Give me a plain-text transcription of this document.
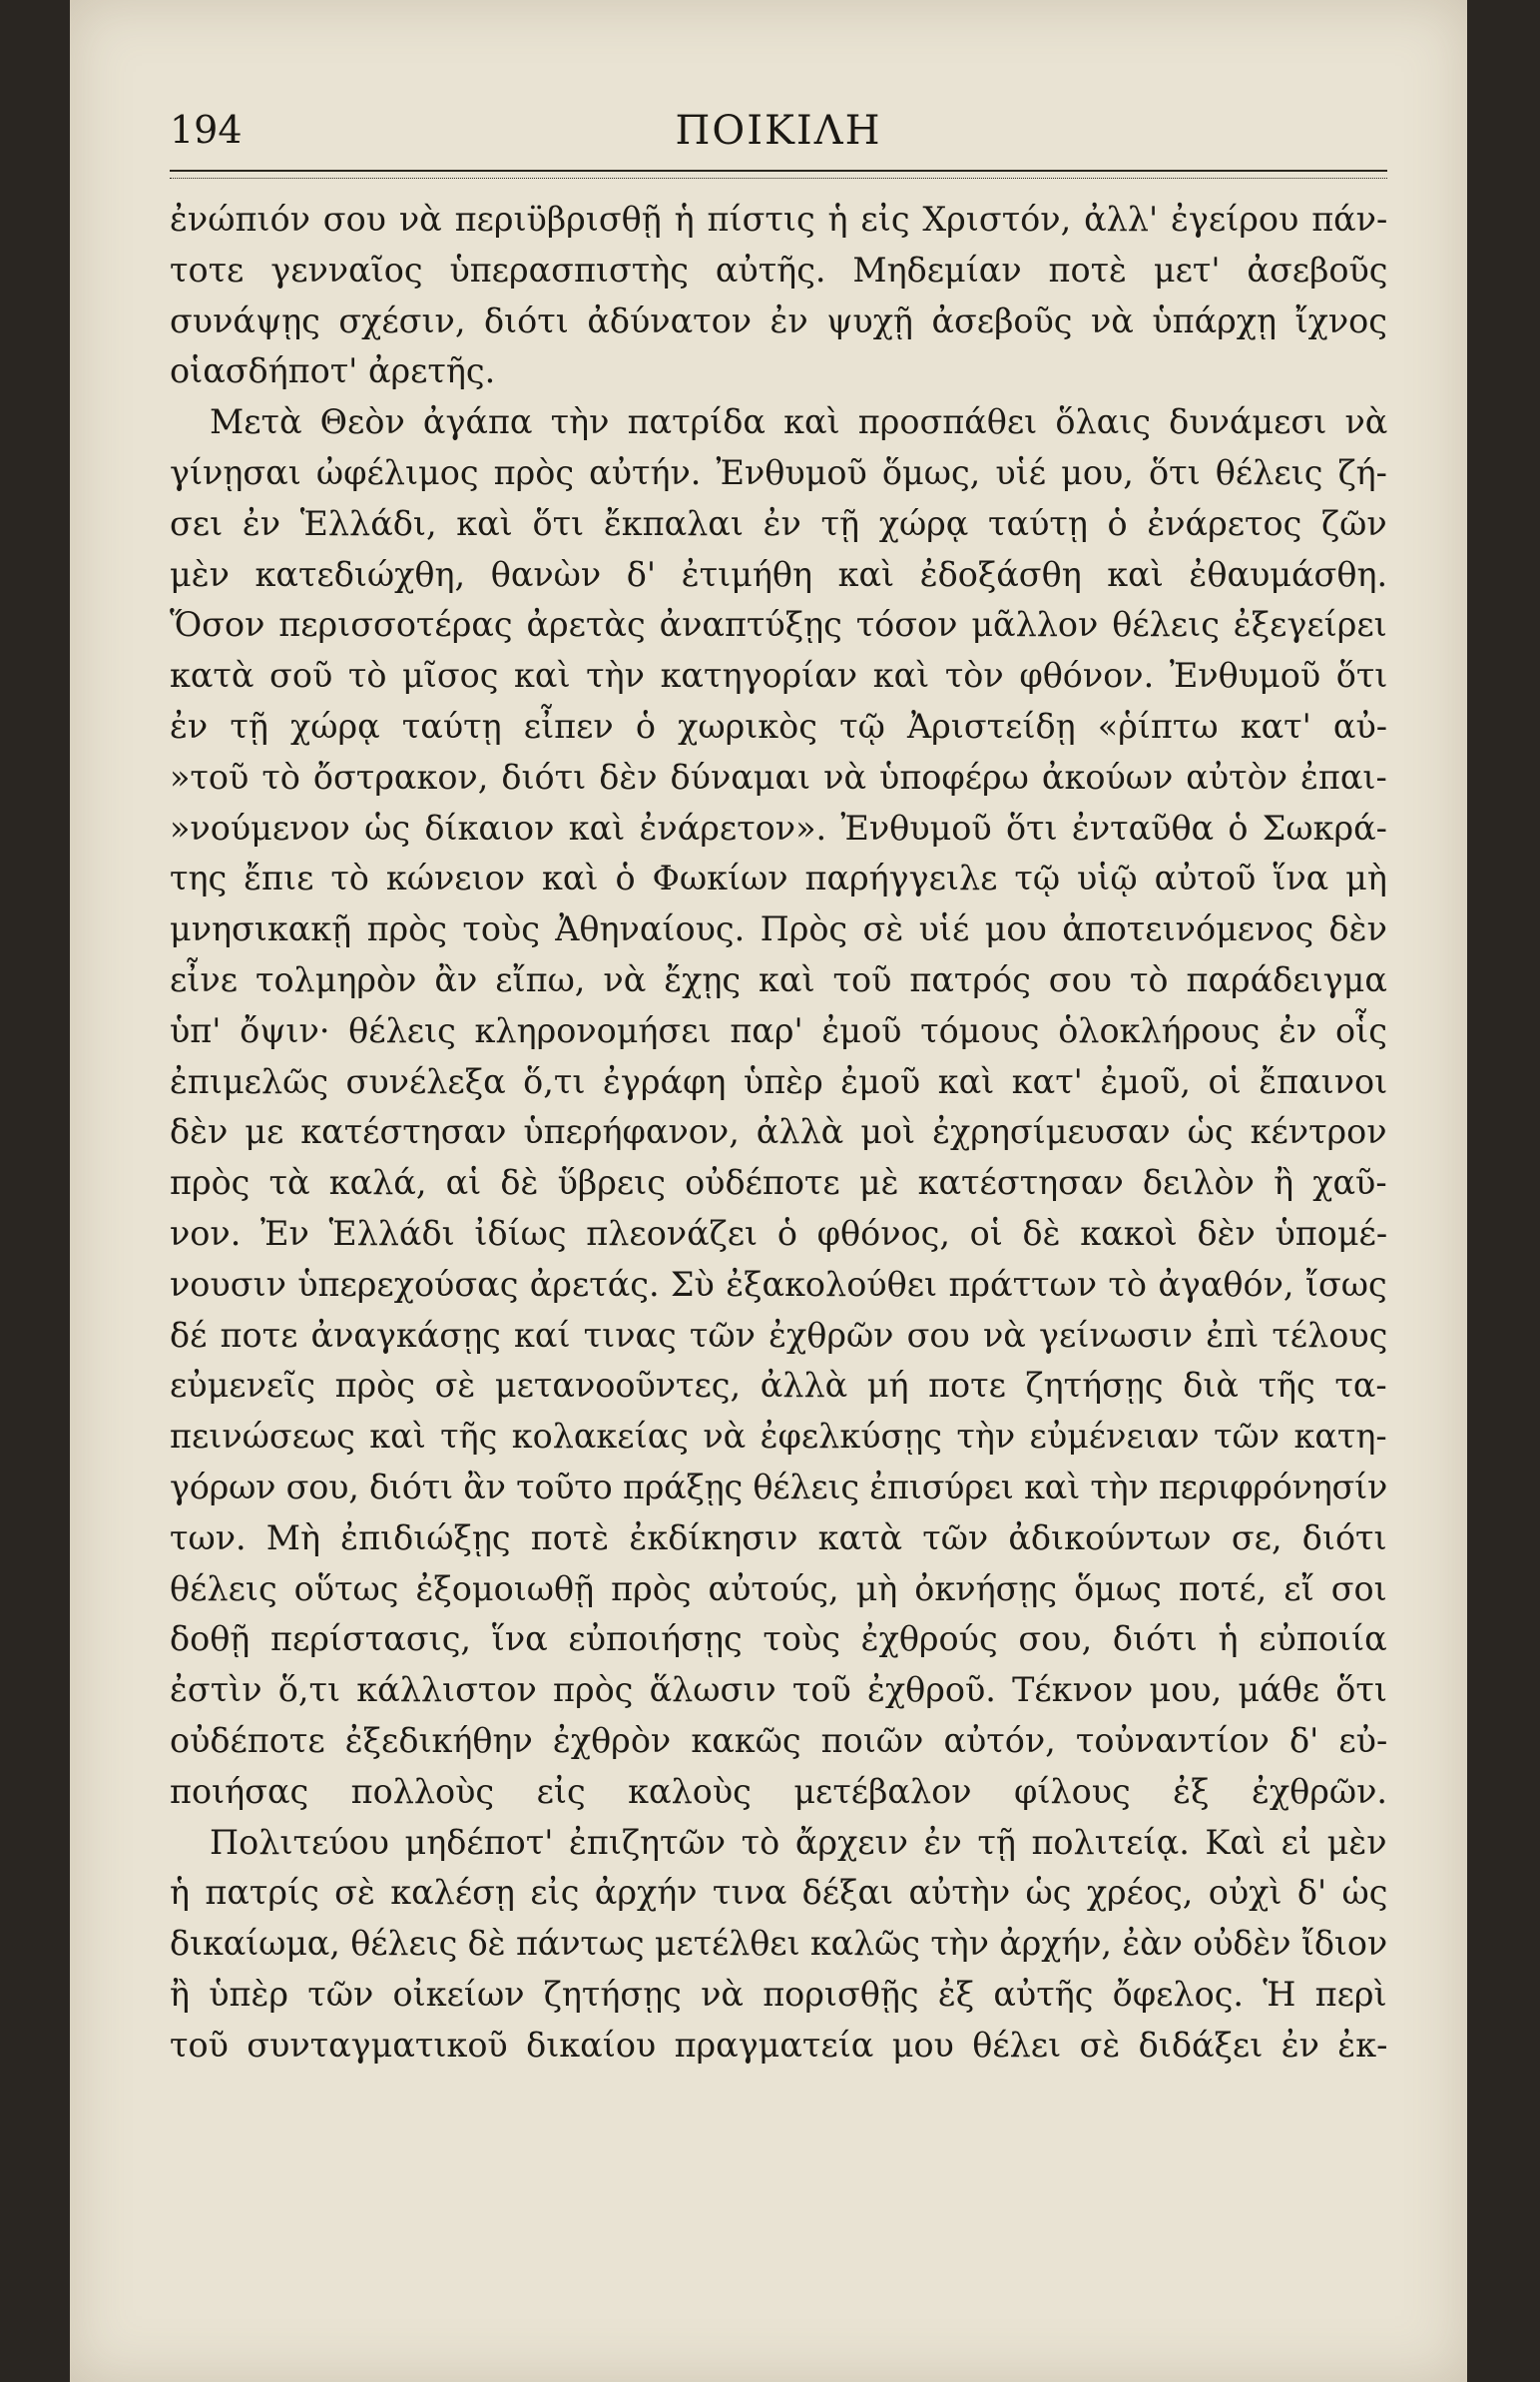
194	ΠΟΙΚΙΛΗ
ἐνώπιόν σου νὰ περιϋβρισθῇ ἡ πίστις ἡ εἰς Χριστόν, ἀλλ' ἐγείρου πάν-
τοτε γενναῖος ὑπερασπιστὴς αὐτῆς. Μηδεμίαν ποτὲ μετ' ἀσεβοῦς
συνάψῃς σχέσιν, διότι ἀδύνατον ἐν ψυχῇ ἀσεβοῦς νὰ ὑπάρχῃ ἴχνος
οἱασδήποτ' ἀρετῆς.
Μετὰ Θεὸν ἀγάπα τὴν πατρίδα καὶ προσπάθει ὅλαις δυνάμεσι νὰ
γίνῃσαι ὠφέλιμος πρὸς αὐτήν. Ἐνθυμοῦ ὅμως, υἱέ μου, ὅτι θέλεις ζή-
σει ἐν Ἑλλάδι, καὶ ὅτι ἔκπαλαι ἐν τῇ χώρᾳ ταύτῃ ὁ ἐνάρετος ζῶν
μὲν κατεδιώχθη, θανὼν δ' ἐτιμήθη καὶ ἐδοξάσθη καὶ ἐθαυμάσθη.
Ὅσον περισσοτέρας ἀρετὰς ἀναπτύξῃς τόσον μᾶλλον θέλεις ἐξεγείρει
κατὰ σοῦ τὸ μῖσος καὶ τὴν κατηγορίαν καὶ τὸν φθόνον. Ἐνθυμοῦ ὅτι
ἐν τῇ χώρᾳ ταύτῃ εἶπεν ὁ χωρικὸς τῷ Ἀριστείδῃ «ῥίπτω κατ' αὐ-
»τοῦ τὸ ὄστρακον, διότι δὲν δύναμαι νὰ ὑποφέρω ἀκούων αὐτὸν ἐπαι-
»νούμενον ὡς δίκαιον καὶ ἐνάρετον». Ἐνθυμοῦ ὅτι ἐνταῦθα ὁ Σωκρά-
της ἔπιε τὸ κώνειον καὶ ὁ Φωκίων παρήγγειλε τῷ υἱῷ αὐτοῦ ἵνα μὴ
μνησικακῇ πρὸς τοὺς Ἀθηναίους. Πρὸς σὲ υἱέ μου ἀποτεινόμενος δὲν
εἶνε τολμηρὸν ἂν εἴπω, νὰ ἔχῃς καὶ τοῦ πατρός σου τὸ παράδειγμα
ὑπ' ὄψιν· θέλεις κληρονομήσει παρ' ἐμοῦ τόμους ὁλοκλήρους ἐν οἷς
ἐπιμελῶς συνέλεξα ὅ,τι ἐγράφη ὑπὲρ ἐμοῦ καὶ κατ' ἐμοῦ, οἱ ἔπαινοι
δὲν με κατέστησαν ὑπερήφανον, ἀλλὰ μοὶ ἐχρησίμευσαν ὡς κέντρον
πρὸς τὰ καλά, αἱ δὲ ὕβρεις οὐδέποτε μὲ κατέστησαν δειλὸν ἢ χαῦ-
νον. Ἐν Ἑλλάδι ἰδίως πλεονάζει ὁ φθόνος, οἱ δὲ κακοὶ δὲν ὑπομέ-
νουσιν ὑπερεχούσας ἀρετάς. Σὺ ἐξακολούθει πράττων τὸ ἀγαθόν, ἴσως
δέ ποτε ἀναγκάσῃς καί τινας τῶν ἐχθρῶν σου νὰ γείνωσιν ἐπὶ τέλους
εὐμενεῖς πρὸς σὲ μετανοοῦντες, ἀλλὰ μή ποτε ζητήσῃς διὰ τῆς τα-
πεινώσεως καὶ τῆς κολακείας νὰ ἐφελκύσῃς τὴν εὐμένειαν τῶν κατη-
γόρων σου, διότι ἂν τοῦτο πράξῃς θέλεις ἐπισύρει καὶ τὴν περιφρόνησίν
των. Μὴ ἐπιδιώξῃς ποτὲ ἐκδίκησιν κατὰ τῶν ἀδικούντων σε, διότι
θέλεις οὕτως ἐξομοιωθῇ πρὸς αὐτούς, μὴ ὀκνήσῃς ὅμως ποτέ, εἴ σοι
δοθῇ περίστασις, ἵνα εὐποιήσῃς τοὺς ἐχθρούς σου, διότι ἡ εὐποιία
ἐστὶν ὅ,τι κάλλιστον πρὸς ἅλωσιν τοῦ ἐχθροῦ. Τέκνον μου, μάθε ὅτι
οὐδέποτε ἐξεδικήθην ἐχθρὸν κακῶς ποιῶν αὐτόν, τοὐναντίον δ' εὐ-
ποιήσας πολλοὺς εἰς καλοὺς μετέβαλον φίλους ἐξ ἐχθρῶν.
Πολιτεύου μηδέποτ' ἐπιζητῶν τὸ ἄρχειν ἐν τῇ πολιτείᾳ. Καὶ εἰ μὲν
ἡ πατρίς σὲ καλέσῃ εἰς ἀρχήν τινα δέξαι αὐτὴν ὡς χρέος, οὐχὶ δ' ὡς
δικαίωμα, θέλεις δὲ πάντως μετέλθει καλῶς τὴν ἀρχήν, ἐὰν οὐδὲν ἴδιον
ἢ ὑπὲρ τῶν οἰκείων ζητήσῃς νὰ πορισθῇς ἐξ αὐτῆς ὄφελος. Ἡ περὶ
τοῦ συνταγματικοῦ δικαίου πραγματεία μου θέλει σὲ διδάξει ἐν ἐκ-
